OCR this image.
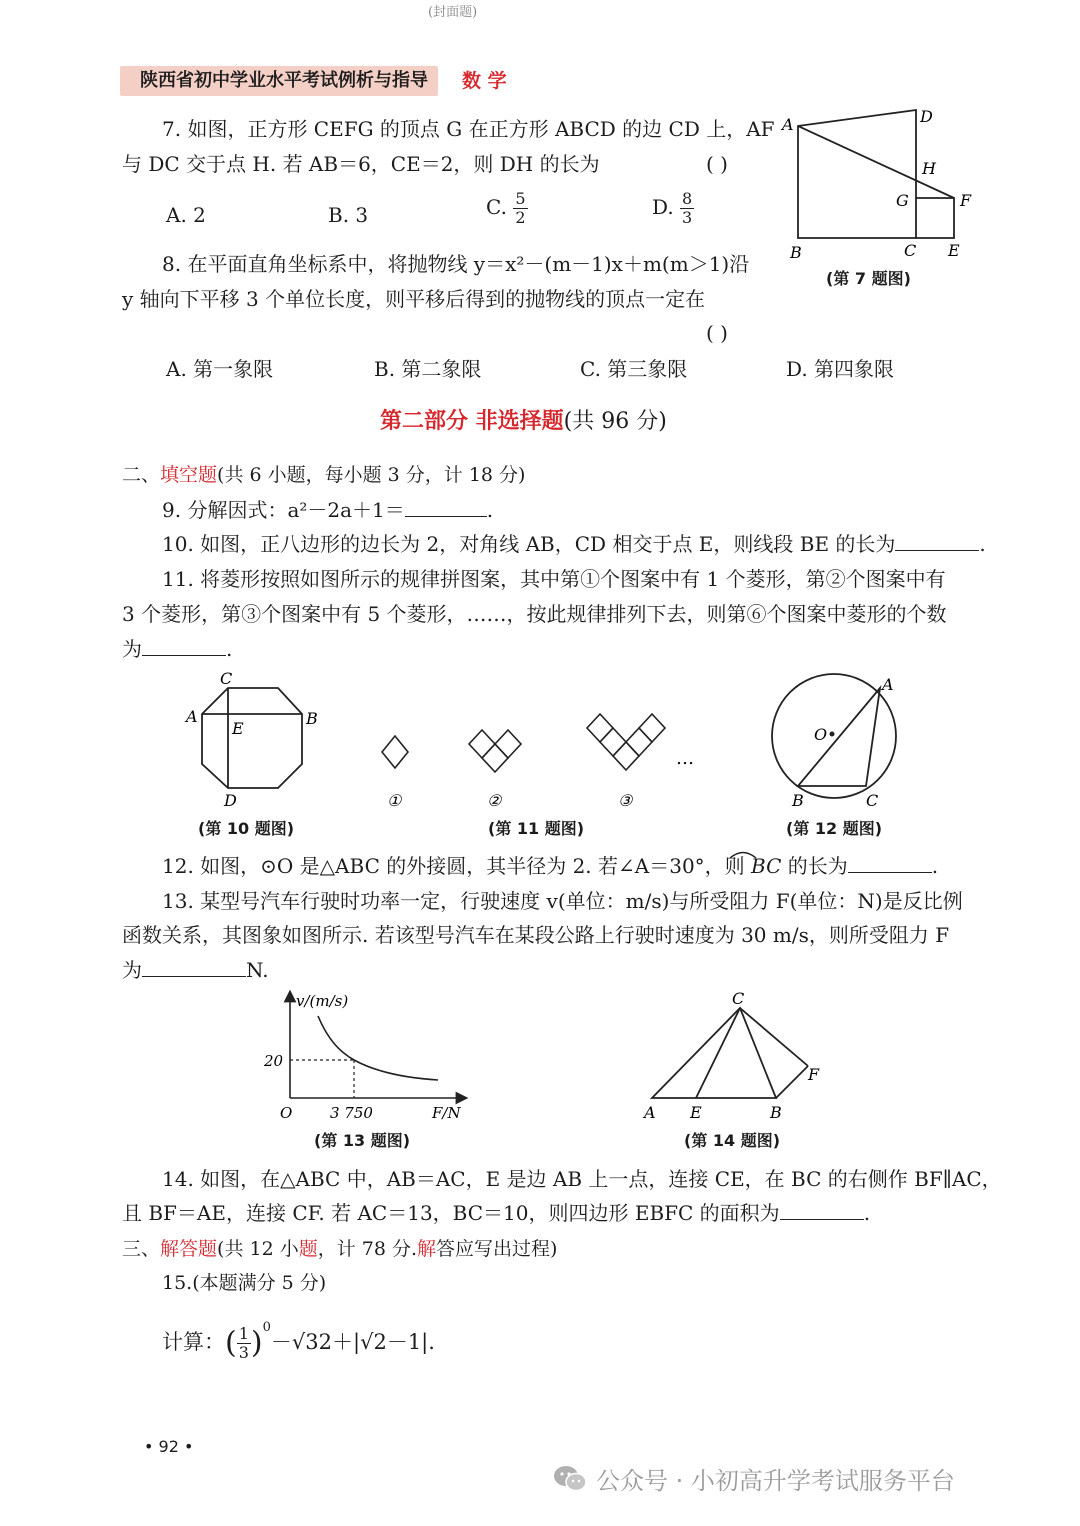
(封面题)
陕西省初中学业水平考试例析与指导 数 学
7. 如图，正方形 CEFG 的顶点 G 在正方形 ABCD 的边 CD 上，AF
与 DC 交于点 H. 若 AB＝6，CE＝2，则 DH 的长为	( )
A. 2	B. 3	C. $\frac{5}{2}$	D. $\frac{8}{3}$
A	D
H
G	F
B	C E
(第 7 题图)
8. 在平面直角坐标系中，将抛物线 y＝x²－(m－1)x＋m(m＞1)沿
y 轴向下平移 3 个单位长度，则平移后得到的抛物线的顶点一定在
( )
A. 第一象限	B. 第二象限	C. 第三象限	D. 第四象限
第二部分 非选择题(共 96 分)
二、填空题(共 6 小题，每小题 3 分，计 18 分)
9. 分解因式：a²－2a＋1＝	.
10. 如图，正八边形的边长为 2，对角线 AB，CD 相交于点 E，则线段 BE 的长为	.
11. 将菱形按照如图所示的规律拼图案，其中第①个图案中有 1 个菱形，第②个图案中有
3 个菱形，第③个图案中有 5 个菱形，……，按此规律排列下去，则第⑥个图案中菱形的个数
为	.
C
A	B
E
D
(第 10 题图)
…
①	②	③
(第 11 题图)
O
A
B	C
(第 12 题图)
12. 如图，⊙O 是△ABC 的外接圆，其半径为 2. 若∠A＝30°，则 BC 的长为	.
13. 某型号汽车行驶时功率一定，行驶速度 v(单位：m/s)与所受阻力 F(单位：N)是反比例
函数关系，其图象如图所示. 若该型号汽车在某段公路上行驶时速度为 30 m/s，则所受阻力 F
为	N.
v/(m/s)
F/N
O
20
3 750
(第 13 题图)
C
A E	B
F
(第 14 题图)
14. 如图，在△ABC 中，AB＝AC，E 是边 AB 上一点，连接 CE，在 BC 的右侧作 BF∥AC，
且 BF＝AE，连接 CF. 若 AC＝13，BC＝10，则四边形 EBFC 的面积为	.
三、解答题(共 12 小题，计 78 分.解答应写出过程)
15.(本题满分 5 分)
计算：( $\frac{1}{3} )^0-√32+|√2-1|$.
• 92 •
公众号 · 小初高升学考试服务平台
